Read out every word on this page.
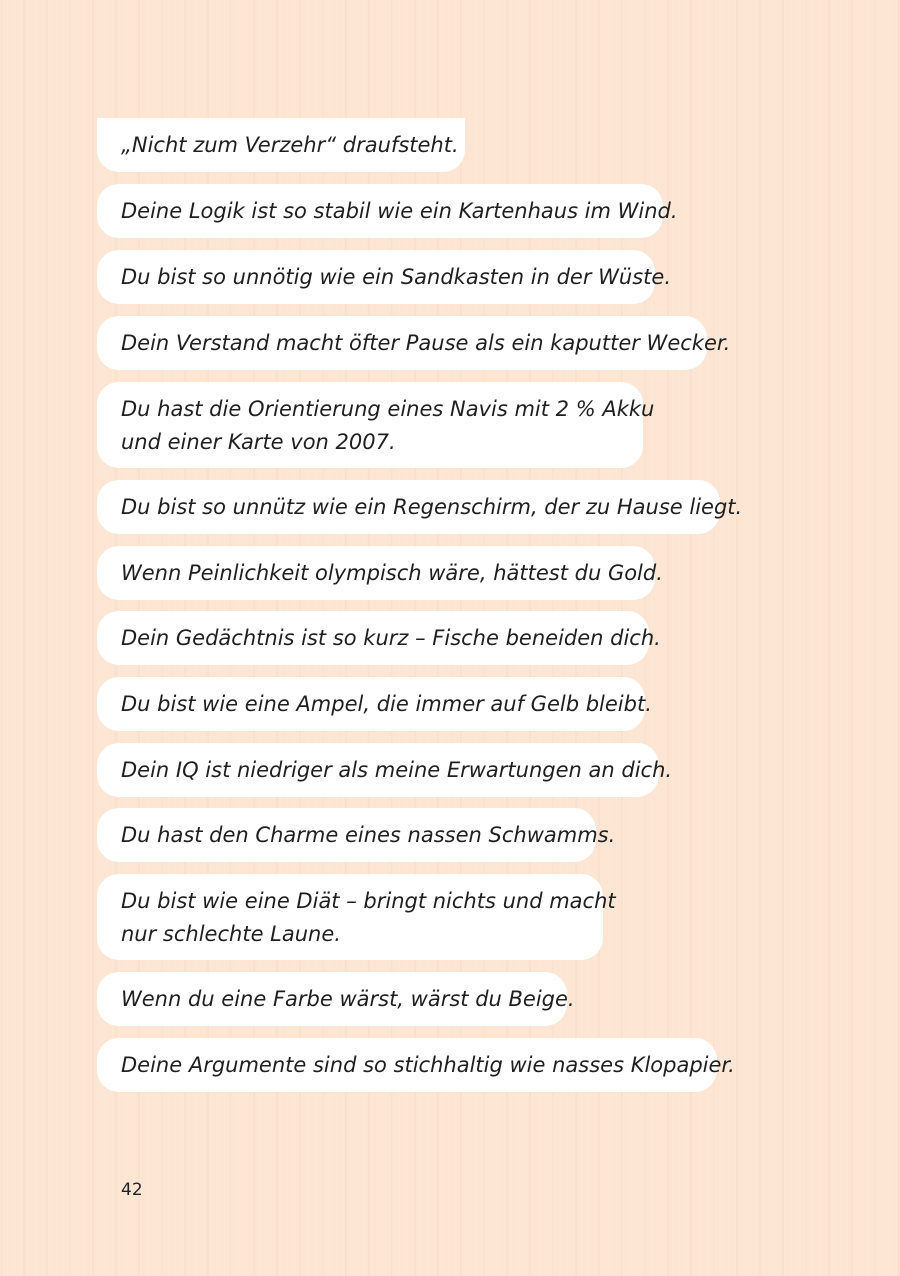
„Nicht zum Verzehr“ draufsteht.
Deine Logik ist so stabil wie ein Kartenhaus im Wind.
Du bist so unnötig wie ein Sandkasten in der Wüste.
Dein Verstand macht öfter Pause als ein kaputter Wecker.
Du hast die Orientierung eines Navis mit 2 % Akku
und einer Karte von 2007.
Du bist so unnütz wie ein Regenschirm, der zu Hause liegt.
Wenn Peinlichkeit olympisch wäre, hättest du Gold.
Dein Gedächtnis ist so kurz – Fische beneiden dich.
Du bist wie eine Ampel, die immer auf Gelb bleibt.
Dein IQ ist niedriger als meine Erwartungen an dich.
Du hast den Charme eines nassen Schwamms.
Du bist wie eine Diät – bringt nichts und macht
nur schlechte Laune.
Wenn du eine Farbe wärst, wärst du Beige.
Deine Argumente sind so stichhaltig wie nasses Klopapier.
42
